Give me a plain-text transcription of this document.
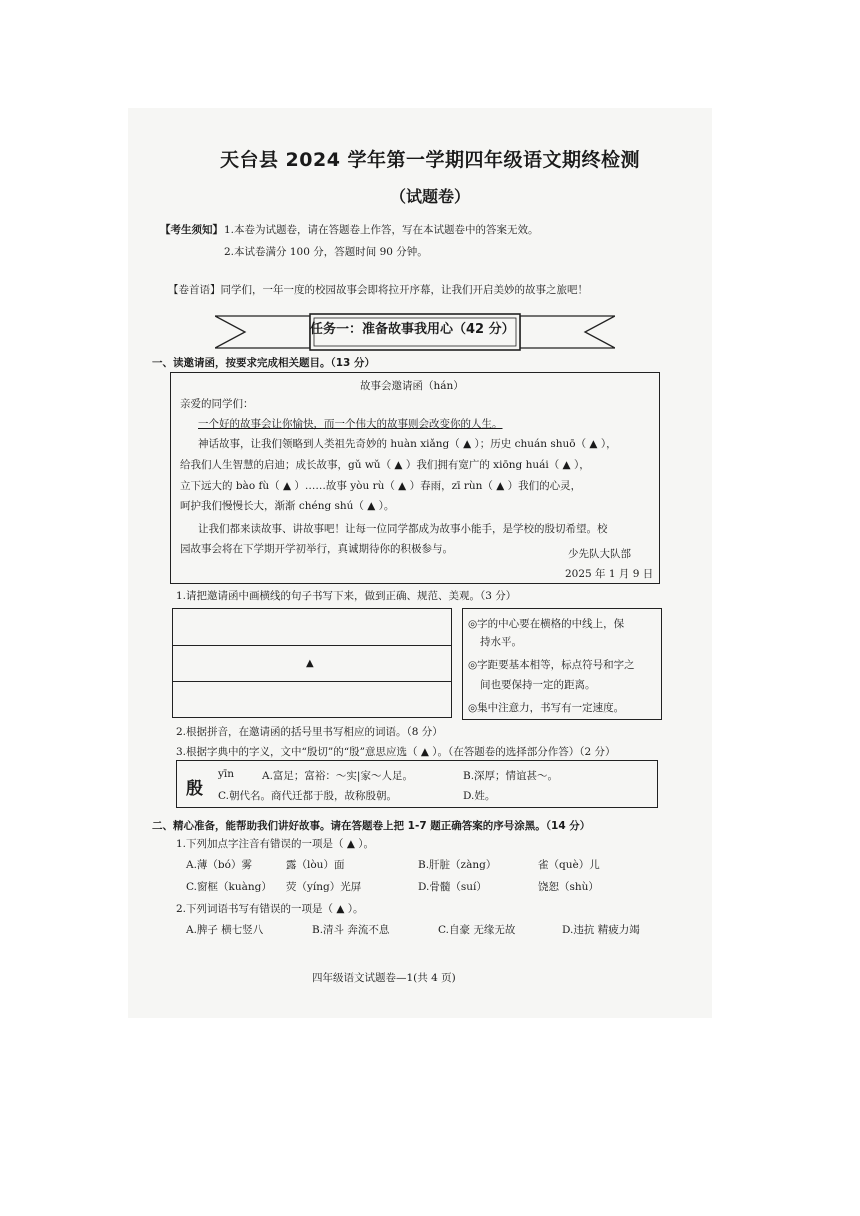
天台县 2024 学年第一学期四年级语文期终检测
（试题卷）
【考生须知】 1.本卷为试题卷，请在答题卷上作答，写在本试题卷中的答案无效。
2.本试卷满分 100 分，答题时间 90 分钟。
【卷首语】同学们，一年一度的校园故事会即将拉开序幕，让我们开启美妙的故事之旅吧！
任务一：准备故事我用心（42 分）
一、读邀请函，按要求完成相关题目。（13 分）
故事会邀请函（hán）
亲爱的同学们：
一个好的故事会让你愉快，而一个伟大的故事则会改变你的人生。
神话故事，让我们领略到人类祖先奇妙的 huàn xiǎng（ ▲ ）；历史 chuán shuō（ ▲ ），
给我们人生智慧的启迪；成长故事，gǔ wǔ（ ▲ ）我们拥有宽广的 xiōng huái（ ▲ ），
立下远大的 bào fù（ ▲ ）……故事 yòu rù（ ▲ ）春雨，zī rùn（ ▲ ）我们的心灵，
呵护我们慢慢长大，渐渐 chéng shú（ ▲ ）。
让我们都来读故事、讲故事吧！让每一位同学都成为故事小能手，是学校的殷切希望。校
园故事会将在下学期开学初举行，真诚期待你的积极参与。	少先队大队部
2025 年 1 月 9 日
1.请把邀请函中画横线的句子书写下来，做到正确、规范、美观。（3 分）
▲
◎字的中心要在横格的中线上，保
持水平。
◎字距要基本相等，标点符号和字之
间也要保持一定的距离。
◎集中注意力，书写有一定速度。
2.根据拼音，在邀请函的括号里书写相应的词语。（8 分）
3.根据字典中的字义，文中“殷切”的“殷”意思应选（ ▲ ）。（在答题卷的选择部分作答）（2 分）
殷
yīn	A.富足；富裕：～实|家～人足。	B.深厚；情谊甚～。
C.朝代名。商代迁都于殷，故称殷朝。	D.姓。
二、精心准备，能帮助我们讲好故事。请在答题卷上把 1-7 题正确答案的序号涂黑。（14 分）
1.下列加点字注音有错误的一项是（ ▲ ）。
A.薄（bó）雾	露（lòu）面	B.肝脏（zàng）	雀（què）儿
C.窗框（kuàng） 荧（yíng）光屏	D.骨髓（suí）	饶恕（shù）
2.下列词语书写有错误的一项是（ ▲ ）。
A.脾子 横七竖八	B.清斗 奔流不息	C.自豪 无缘无故	D.违抗 精疲力竭
四年级语文试题卷—1(共 4 页)
